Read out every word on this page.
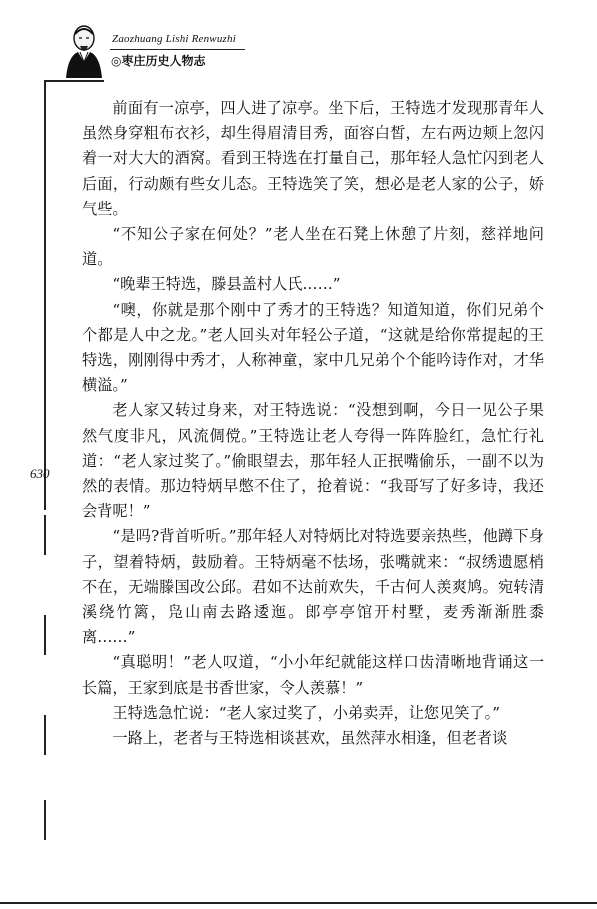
Zaozhuang Lishi Renwuzhi
◎枣庄历史人物志
630

前面有一凉亭，四人进了凉亭。坐下后，王特选才发现那青年人虽然身穿粗布衣衫，却生得眉清目秀，面容白皙，左右两边颊上忽闪着一对大大的酒窝。看到王特选在打量自己，那年轻人急忙闪到老人后面，行动颇有些女儿态。王特选笑了笑，想必是老人家的公子，娇气些。

“不知公子家在何处？”老人坐在石凳上休憩了片刻，慈祥地问道。

“晚辈王特选，滕县盖村人氏……”

“噢，你就是那个刚中了秀才的王特选？知道知道，你们兄弟个个都是人中之龙。”老人回头对年轻公子道，“这就是给你常提起的王特选，刚刚得中秀才，人称神童，家中几兄弟个个能吟诗作对，才华横溢。”

老人家又转过身来，对王特选说：“没想到啊，今日一见公子果然气度非凡，风流倜傥。”王特选让老人夸得一阵阵脸红，急忙行礼道：“老人家过奖了。”偷眼望去，那年轻人正抿嘴偷乐，一副不以为然的表情。那边特炳早憋不住了，抢着说：“我哥写了好多诗，我还会背呢！”

“是吗?背首听听。”那年轻人对特炳比对特选要亲热些，他蹲下身子，望着特炳，鼓励着。王特炳毫不怯场，张嘴就来：“叔绣遗愿梢不在，无端滕国改公邱。君如不达前欢失，千古何人羡爽鸠。宛转清溪绕竹篱，凫山南去路逶迤。郎亭亭馆开村墅，麦秀渐渐胜黍离……”

“真聪明！”老人叹道，“小小年纪就能这样口齿清晰地背诵这一长篇，王家到底是书香世家，令人羡慕！”

王特选急忙说：“老人家过奖了，小弟卖弄，让您见笑了。”

一路上，老者与王特选相谈甚欢，虽然萍水相逢，但老者谈
